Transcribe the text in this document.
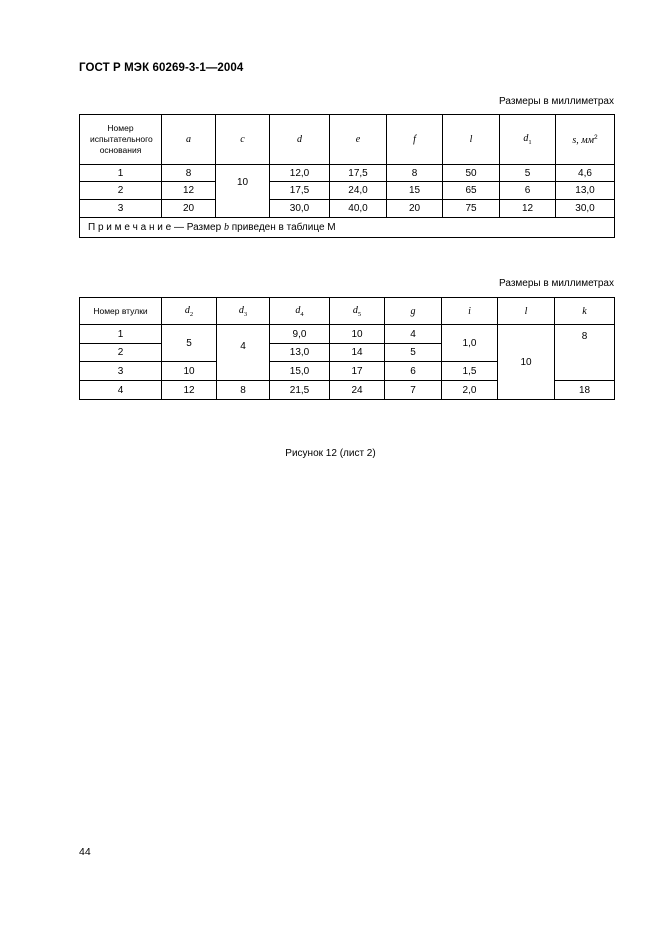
ГОСТ Р МЭК 60269-3-1—2004
Размеры в миллиметрах
Номер испытательного основания	a	c	d	e	f	l	$d_1$	s, $мм^2$
1	8	10	12,0	17,5	8	50	5	4,6
2	12		17,5	24,0	15	65	6	13,0
3	20		30,0	40,0	20	75	12	30,0
П р и м е ч а н и е — Размер b приведен в таблице М								
Размеры в миллиметрах
Номер втулки	$d_2$	$d_3$	$d_4$	$d_5$	g	i	l	k
1	5	4	9,0	10	4	1,0	10	8
2			13,0	14	5			
3	10		15,0	17	6	1,5		
4	12	8	21,5	24	7	2,0		18
Рисунок 12 (лист 2)
44
